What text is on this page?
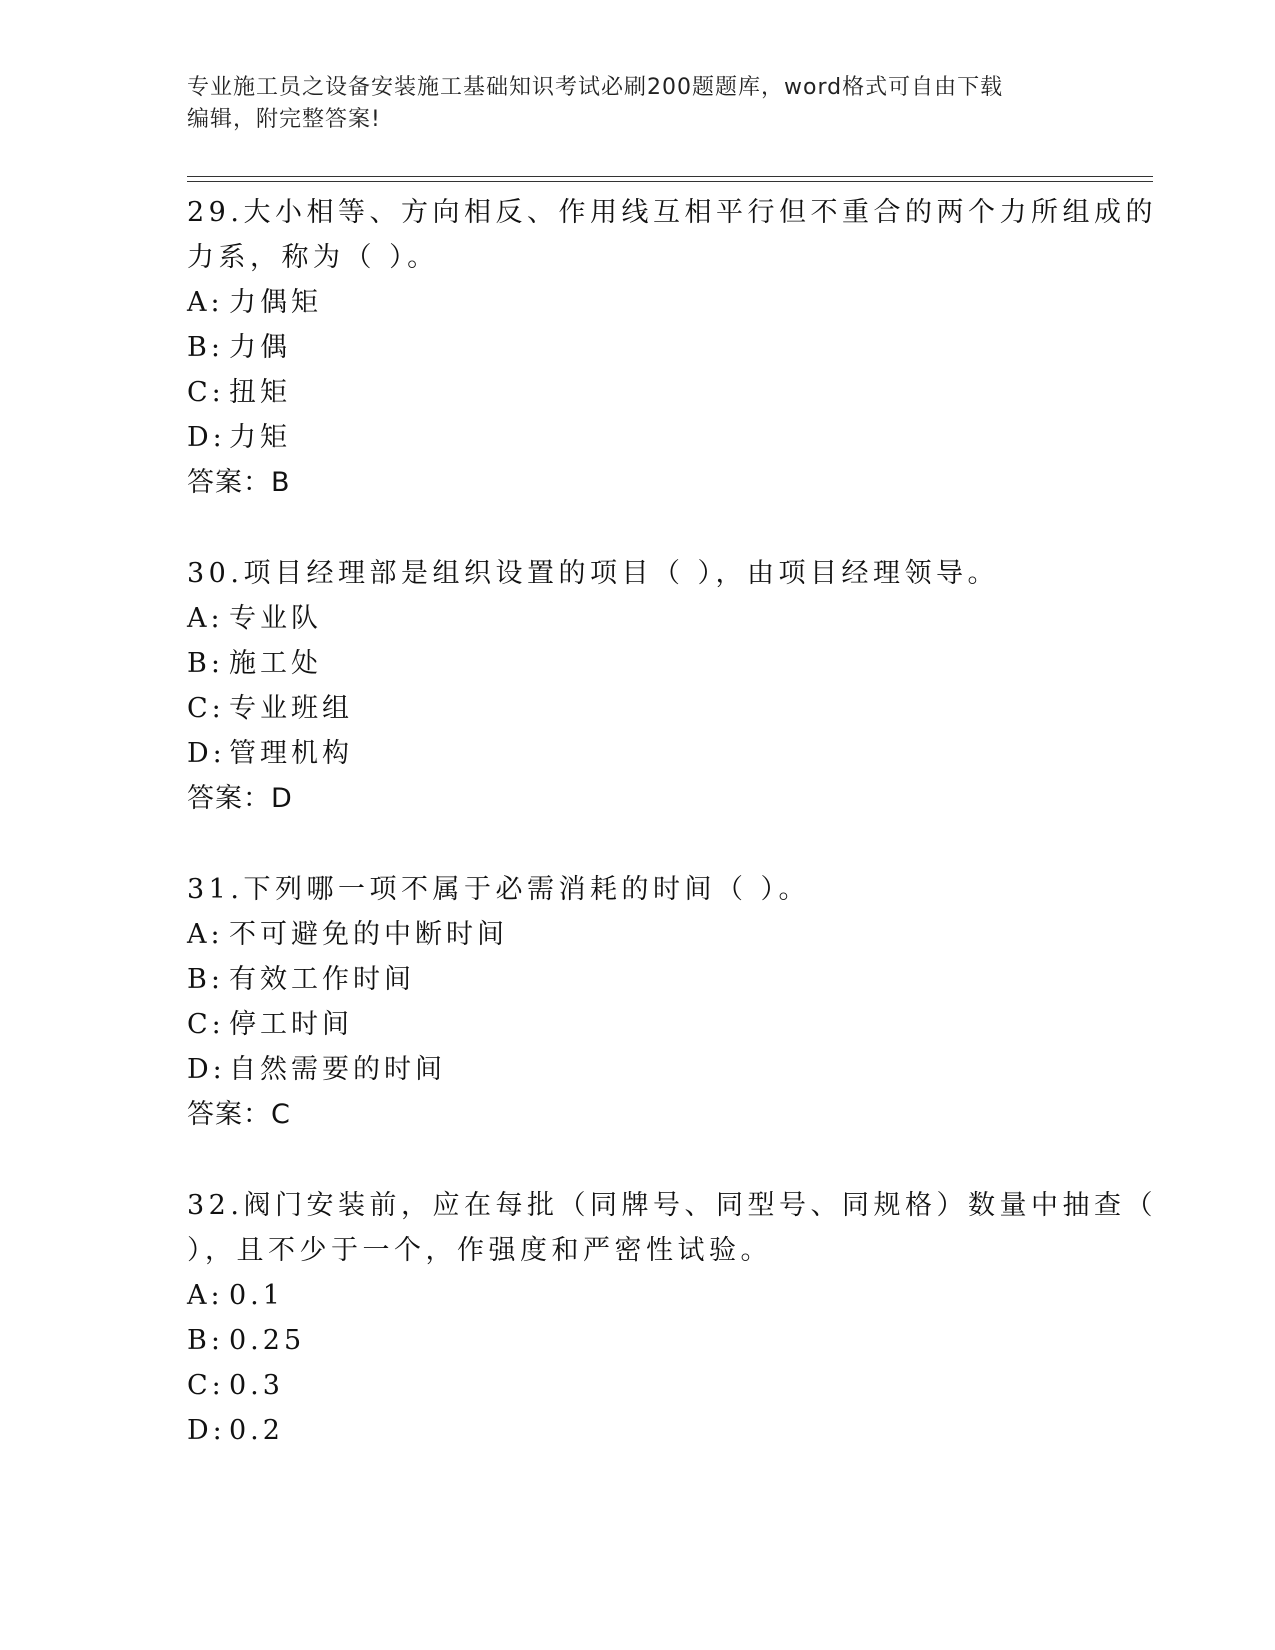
专业施工员之设备安装施工基础知识考试必刷200题题库，word格式可自由下载
编辑，附完整答案!
29.大小相等、方向相反、作用线互相平行但不重合的两个力所组成的
力系，称为（ ）。
A: 力偶矩
B: 力偶
C: 扭矩
D: 力矩
答案：B
30.项目经理部是组织设置的项目（ ），由项目经理领导。
A: 专业队
B: 施工处
C: 专业班组
D: 管理机构
答案：D
31.下列哪一项不属于必需消耗的时间（ ）。
A: 不可避免的中断时间
B: 有效工作时间
C: 停工时间
D: 自然需要的时间
答案：C
32.阀门安装前，应在每批（同牌号、同型号、同规格）数量中抽查（
），且不少于一个，作强度和严密性试验。
A: 0.1
B: 0.25
C: 0.3
D: 0.2
